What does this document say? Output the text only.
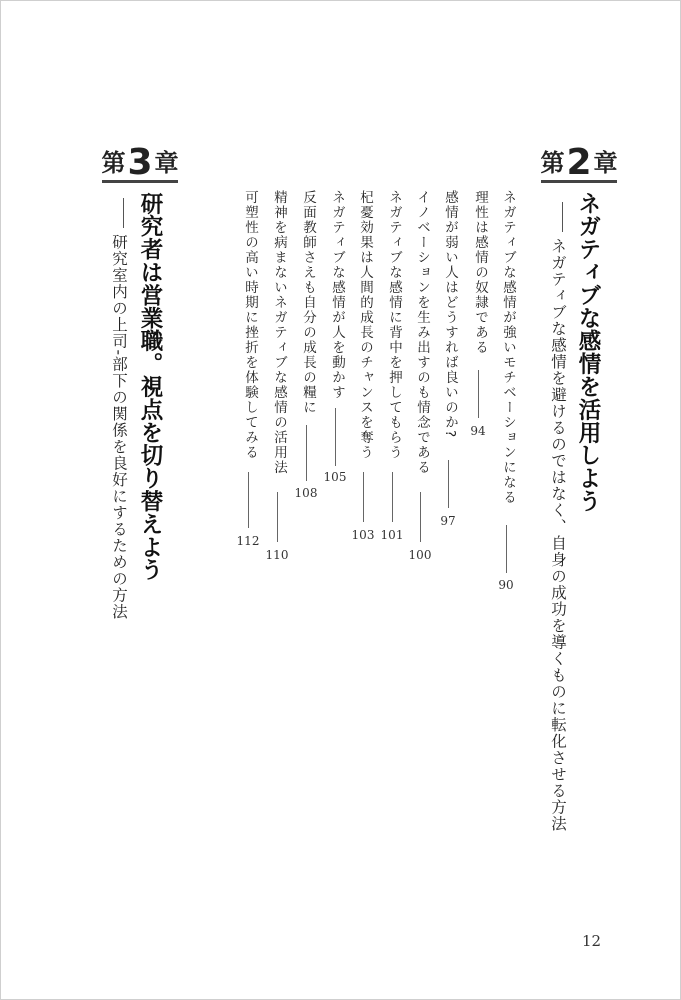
第 2 章
ネガティブな感情を活用しよう
ネガティブな感情を避けるのではなく、自身の成功を導くものに転化させる方法
ネガティブな感情が強いモチベーションになる
90
理性は感情の奴隷である
94
感情が弱い人はどうすれば良いのか?
97
イノベーションを生み出すのも情念である
100
ネガティブな感情に背中を押してもらう
101
杞憂効果は人間的成長のチャンスを奪う
103
ネガティブな感情が人を動かす
105
反面教師さえも自分の成長の糧に
108
精神を病まないネガティブな感情の活用法
110
可塑性の高い時期に挫折を体験してみる
112
第 3 章
研究者は営業職。視点を切り替えよう
研究室内の上司-部下の関係を良好にするための方法
12
